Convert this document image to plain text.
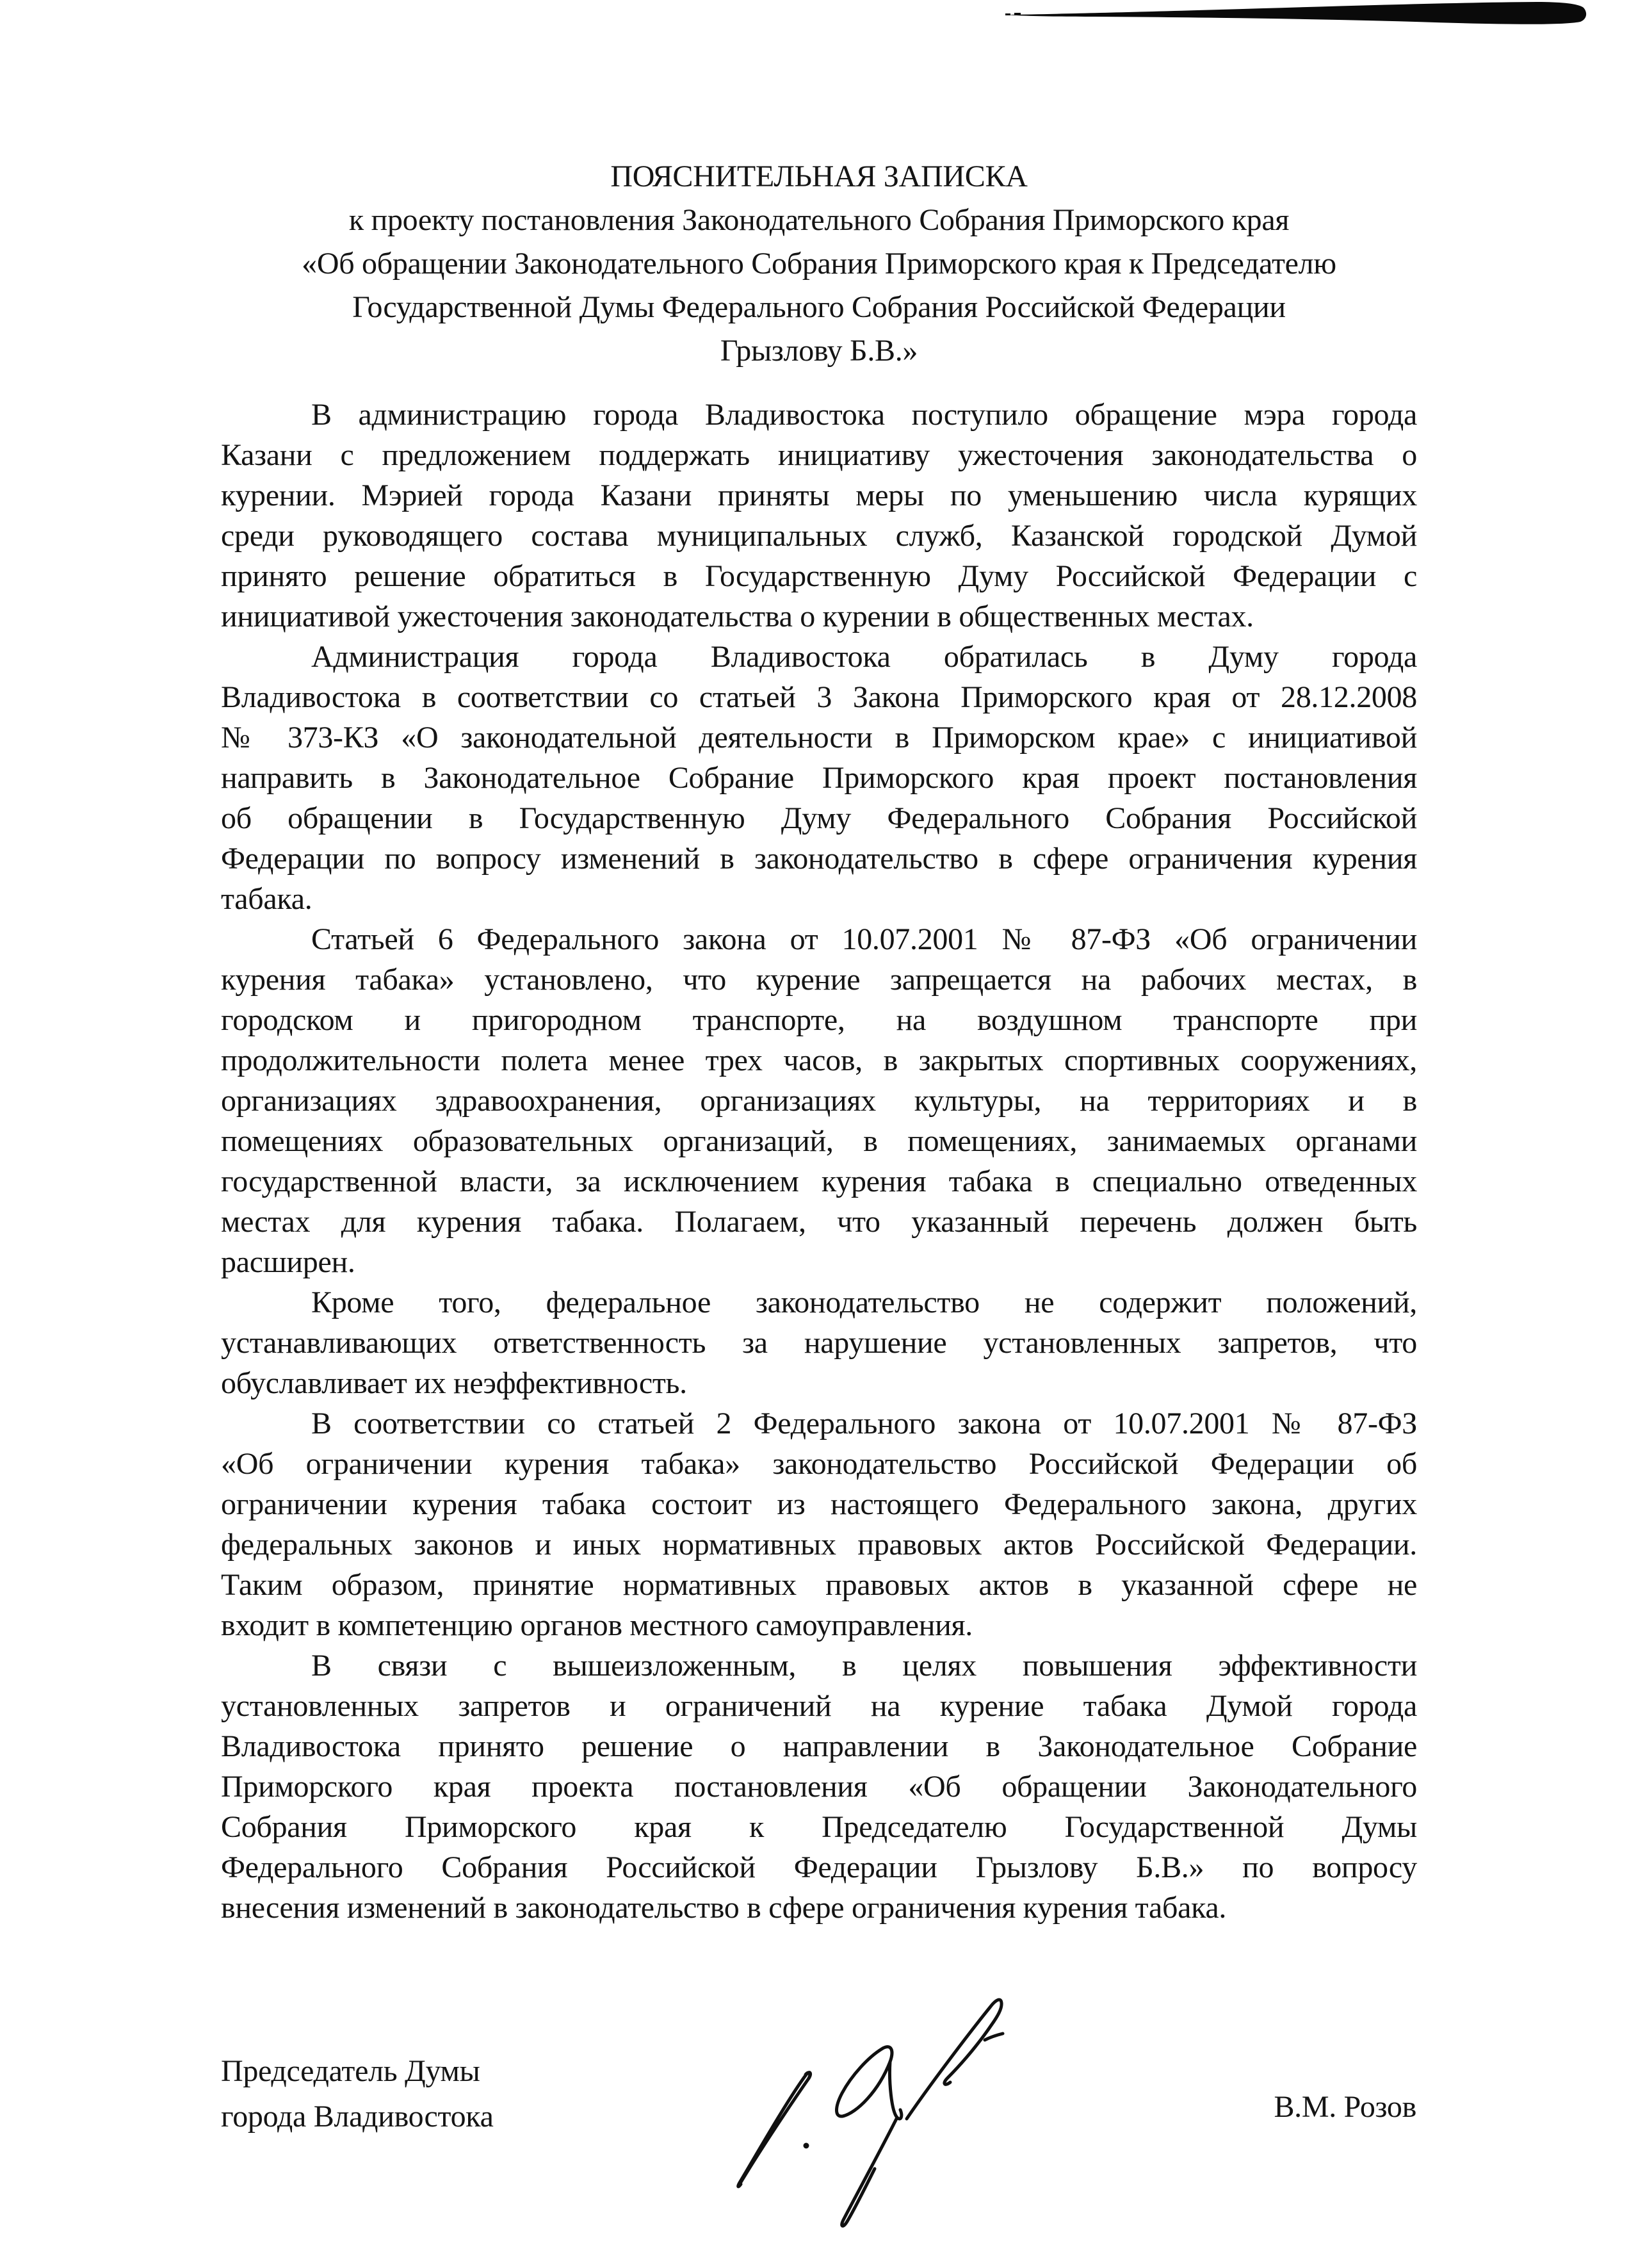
ПОЯСНИТЕЛЬНАЯ ЗАПИСКА
к проекту постановления Законодательного Собрания Приморского края
«Об обращении Законодательного Собрания Приморского края к Председателю
Государственной Думы Федерального Собрания Российской Федерации
Грызлову Б.В.»
В администрацию города Владивостока поступило обращение мэра города
Казани с предложением поддержать инициативу ужесточения законодательства о
курении. Мэрией города Казани приняты меры по уменьшению числа курящих
среди руководящего состава муниципальных служб, Казанской городской Думой
принято решение обратиться в Государственную Думу Российской Федерации с
инициативой ужесточения законодательства о курении в общественных местах.
Администрация города Владивостока обратилась в Думу города
Владивостока в соответствии со статьей 3 Закона Приморского края от 28.12.2008
№ 373-КЗ «О законодательной деятельности в Приморском крае» с инициативой
направить в Законодательное Собрание Приморского края проект постановления
об обращении в Государственную Думу Федерального Собрания Российской
Федерации по вопросу изменений в законодательство в сфере ограничения курения
табака.
Статьей 6 Федерального закона от 10.07.2001 № 87-ФЗ «Об ограничении
курения табака» установлено, что курение запрещается на рабочих местах, в
городском и пригородном транспорте, на воздушном транспорте при
продолжительности полета менее трех часов, в закрытых спортивных сооружениях,
организациях здравоохранения, организациях культуры, на территориях и в
помещениях образовательных организаций, в помещениях, занимаемых органами
государственной власти, за исключением курения табака в специально отведенных
местах для курения табака. Полагаем, что указанный перечень должен быть
расширен.
Кроме того, федеральное законодательство не содержит положений,
устанавливающих ответственность за нарушение установленных запретов, что
обуславливает их неэффективность.
В соответствии со статьей 2 Федерального закона от 10.07.2001 № 87-ФЗ
«Об ограничении курения табака» законодательство Российской Федерации об
ограничении курения табака состоит из настоящего Федерального закона, других
федеральных законов и иных нормативных правовых актов Российской Федерации.
Таким образом, принятие нормативных правовых актов в указанной сфере не
входит в компетенцию органов местного самоуправления.
В связи с вышеизложенным, в целях повышения эффективности
установленных запретов и ограничений на курение табака Думой города
Владивостока принято решение о направлении в Законодательное Собрание
Приморского края проекта постановления «Об обращении Законодательного
Собрания Приморского края к Председателю Государственной Думы
Федерального Собрания Российской Федерации Грызлову Б.В.» по вопросу
внесения изменений в законодательство в сфере ограничения курения табака.
Председатель Думы
города Владивостока	В.М. Розов
